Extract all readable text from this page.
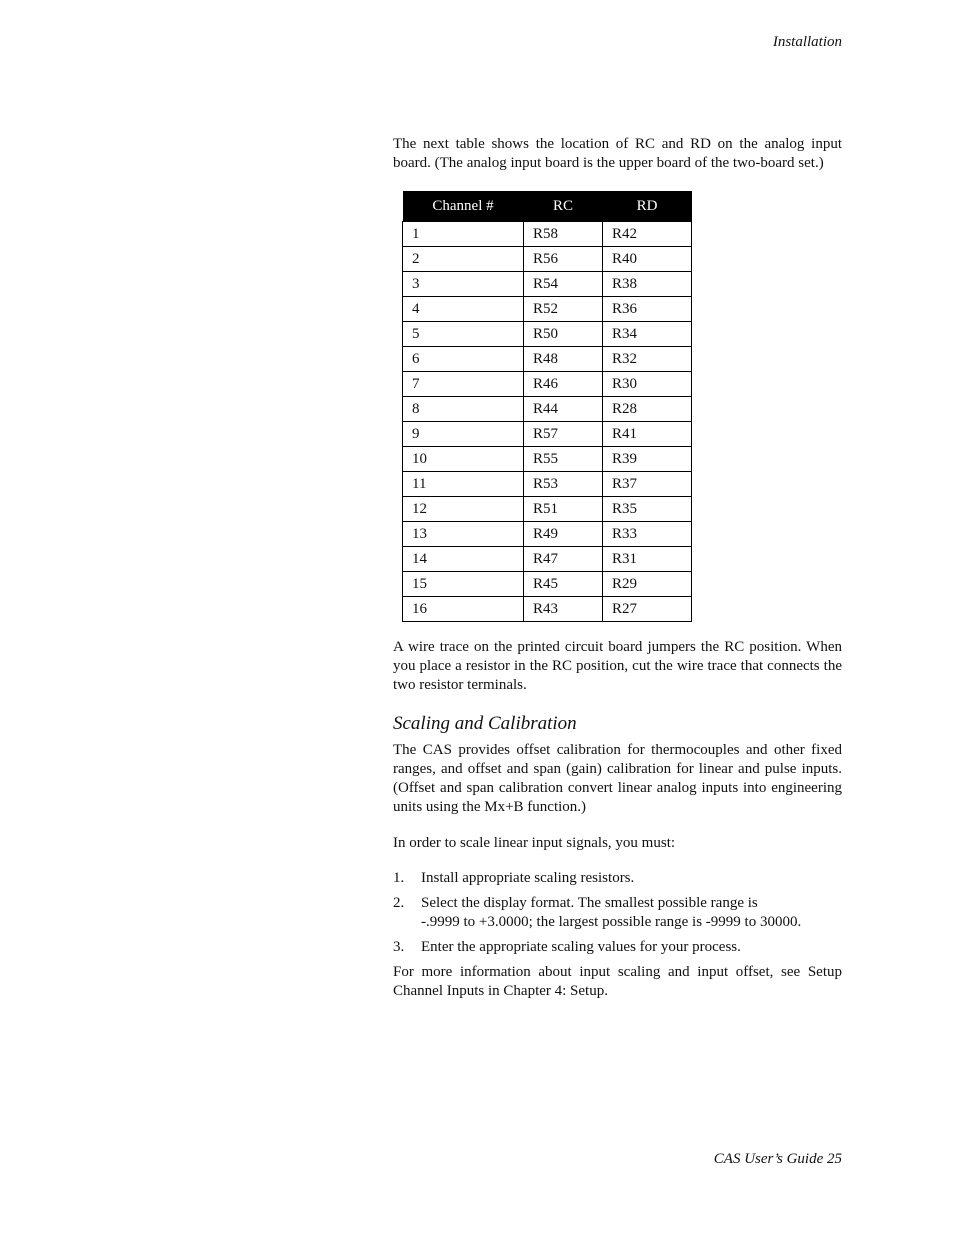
Installation

The next table shows the location of RC and RD on the analog input board. (The analog input board is the upper board of the two-board set.)

Channel #	RC	RD
1	R58	R42
2	R56	R40
3	R54	R38
4	R52	R36
5	R50	R34
6	R48	R32
7	R46	R30
8	R44	R28
9	R57	R41
10	R55	R39
11	R53	R37
12	R51	R35
13	R49	R33
14	R47	R31
15	R45	R29
16	R43	R27

A wire trace on the printed circuit board jumpers the RC position. When you place a resistor in the RC position, cut the wire trace that connects the two resistor terminals.

Scaling and Calibration

The CAS provides offset calibration for thermocouples and other fixed ranges, and offset and span (gain) calibration for linear and pulse inputs. (Offset and span calibration convert linear analog inputs into engineering units using the Mx+B function.)

In order to scale linear input signals, you must:

1. Install appropriate scaling resistors.
2. Select the display format. The smallest possible range is
-.9999 to +3.0000; the largest possible range is -9999 to 30000.
3. Enter the appropriate scaling values for your process.

For more information about input scaling and input offset, see Setup Channel Inputs in Chapter 4: Setup.

CAS User’s Guide 25
